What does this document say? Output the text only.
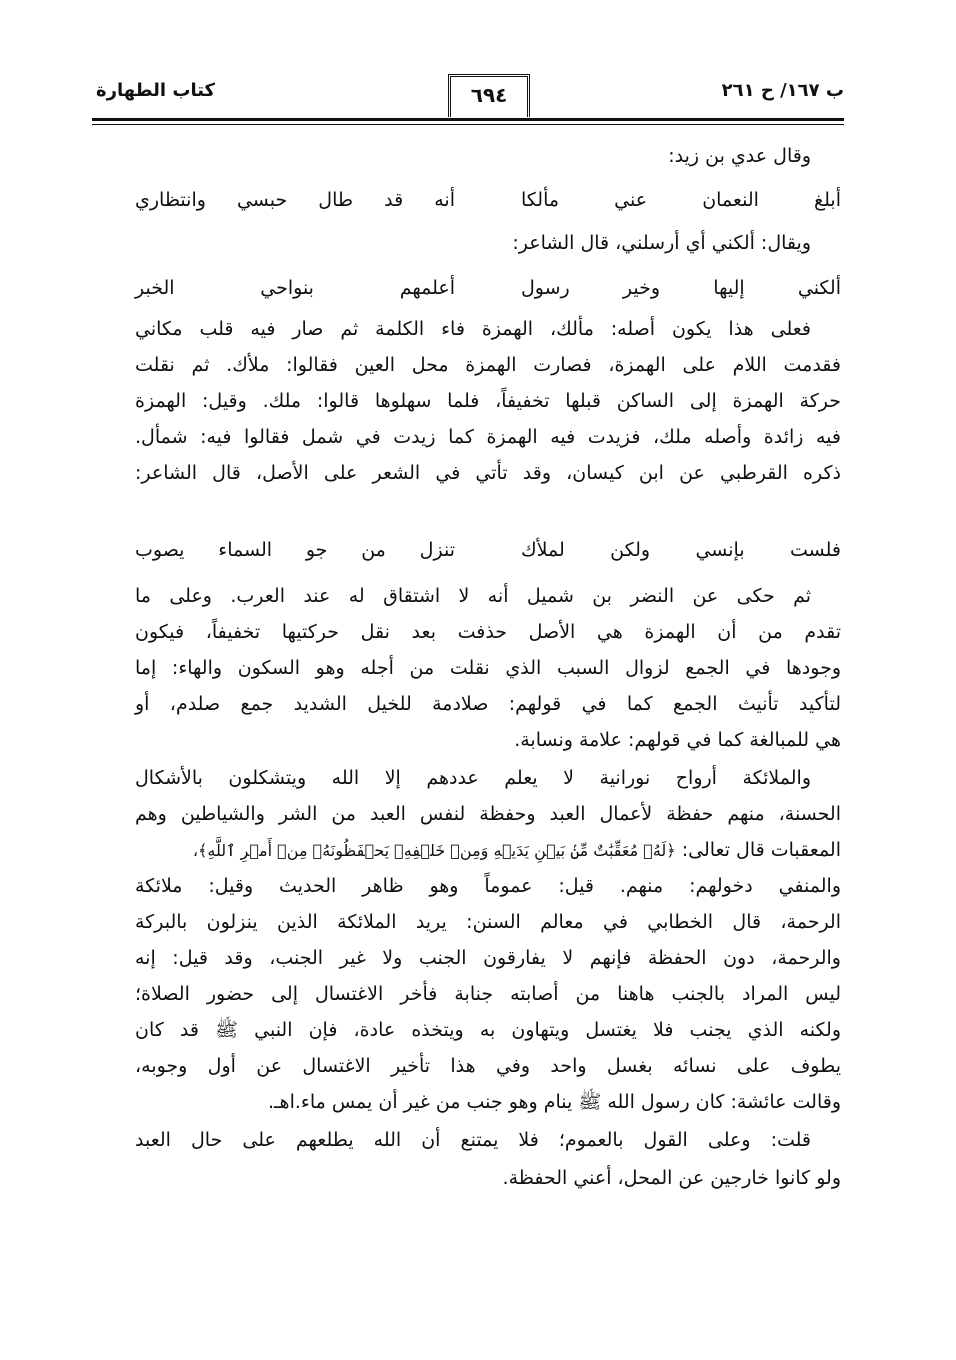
ب ١٦٧/ ح ٢٦١
٦٩٤
كتاب الطهارة
وقال عدي بن زيد:
أبلغ النعمان عني مألكا
أنه قد طال حبسي وانتظاري
ويقال: ألكني أي أرسلني، قال الشاعر:
ألكني إليها وخير رسول
أعلمهم بنواحي الخبر
فعلى هذا يكون أصله: مألك، الهمزة فاء الكلمة ثم صار فيه قلب مكاني
فقدمت اللام على الهمزة، فصارت الهمزة محل العين فقالوا: ملأك. ثم نقلت
حركة الهمزة إلى الساكن قبلها تخفيفاً، فلما سهلوها قالوا: ملك. وقيل: الهمزة
فيه زائدة وأصله ملك، فزيدت فيه الهمزة كما زيدت في شمل فقالوا فيه: شمأل.
ذكره القرطبي عن ابن كيسان، وقد تأتي في الشعر على الأصل، قال الشاعر:
فلست بإنسي ولكن لملأك
تنزل من جو السماء يصوب
ثم حكى عن النضر بن شميل أنه لا اشتقاق له عند العرب. وعلى ما
تقدم من أن الهمزة هي الأصل حذفت بعد نقل حركتيها تخفيفاً، فيكون
وجودها في الجمع لزوال السبب الذي نقلت من أجله وهو السكون والهاء: إما
لتأكيد تأنيث الجمع كما في قولهم: صلادمة للخيل الشديد جمع صلدم، أو
هي للمبالغة كما في قولهم: علامة ونسابة.
والملائكة أرواح نورانية لا يعلم عددهم إلا الله ويتشكلون بالأشكال
الحسنة، منهم حفظة لأعمال العبد وحفظة لنفس العبد من الشر والشياطين وهم
المعقبات قال تعالى: ﴿لَهُۥ مُعَقِّبَٰتٌ مِّنۢ بَيۡنِ يَدَيۡهِ وَمِنۡ خَلۡفِهِۦ يَحۡفَظُونَهُۥ مِنۡ أَمۡرِ ٱللَّهِ﴾،
والمنفي دخولهم: منهم. قيل: عموماً وهو ظاهر الحديث وقيل: ملائكة
الرحمة، قال الخطابي في معالم السنن: يريد الملائكة الذين ينزلون بالبركة
والرحمة، دون الحفظة فإنهم لا يفارقون الجنب ولا غير الجنب، وقد قيل: إنه
ليس المراد بالجنب هاهنا من أصابته جنابة فأخر الاغتسال إلى حضور الصلاة؛
ولكنه الذي يجنب فلا يغتسل ويتهاون به ويتخذه عادة، فإن النبي ﷺ قد كان
يطوف على نسائه بغسل واحد وفي هذا تأخير الاغتسال عن أول وجوبه،
وقالت عائشة: كان رسول الله ﷺ ينام وهو جنب من غير أن يمس ماء.اهـ.
قلت: وعلى القول بالعموم؛ فلا يمتنع أن الله يطلعهم على حال العبد
ولو كانوا خارجين عن المحل، أعني الحفظة.
